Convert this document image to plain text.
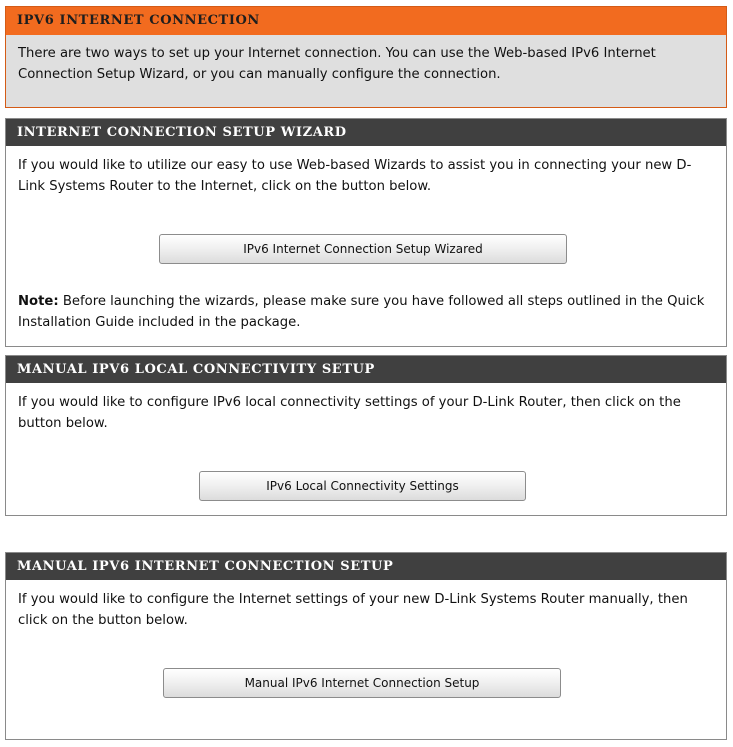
IPV6 INTERNET CONNECTION
There are two ways to set up your Internet connection. You can use the Web-based IPv6 Internet Connection Setup Wizard, or you can manually configure the connection.
INTERNET CONNECTION SETUP WIZARD
If you would like to utilize our easy to use Web-based Wizards to assist you in connecting your new D-Link Systems Router to the Internet, click on the button below.
IPv6 Internet Connection Setup Wizared
Note: Before launching the wizards, please make sure you have followed all steps outlined in the Quick Installation Guide included in the package.
MANUAL IPV6 LOCAL CONNECTIVITY SETUP
If you would like to configure IPv6 local connectivity settings of your D-Link Router, then click on the button below.
IPv6 Local Connectivity Settings
MANUAL IPV6 INTERNET CONNECTION SETUP
If you would like to configure the Internet settings of your new D-Link Systems Router manually, then click on the button below.
Manual IPv6 Internet Connection Setup
